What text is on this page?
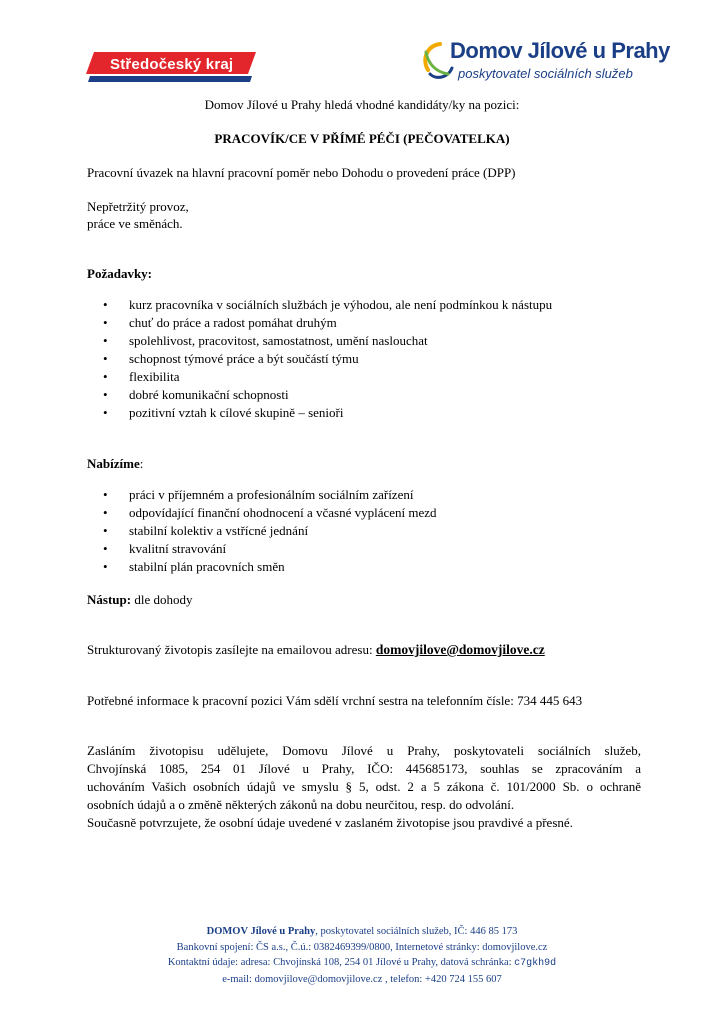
Středočeský kraj
Domov Jílové u Prahy
poskytovatel sociálních služeb
Domov Jílové u Prahy hledá vhodné kandidáty/ky na pozici:
PRACOVÍK/CE V PŘÍMÉ PÉČI (PEČOVATELKA)
Pracovní úvazek na hlavní pracovní poměr nebo Dohodu o provedení práce (DPP)
Nepřetržitý provoz,
práce ve směnách.
Požadavky:
• kurz pracovníka v sociálních službách je výhodou, ale není podmínkou k nástupu
• chuť do práce a radost pomáhat druhým
• spolehlivost, pracovitost, samostatnost, umění naslouchat
• schopnost týmové práce a být součástí týmu
• flexibilita
• dobré komunikační schopnosti
• pozitivní vztah k cílové skupině – senioři
Nabízíme:
• práci v příjemném a profesionálním sociálním zařízení
• odpovídající finanční ohodnocení a včasné vyplácení mezd
• stabilní kolektiv a vstřícné jednání
• kvalitní stravování
• stabilní plán pracovních směn
Nástup: dle dohody
Strukturovaný životopis zasílejte na emailovou adresu: domovjilove@domovjilove.cz
Potřebné informace k pracovní pozici Vám sdělí vrchní sestra na telefonním čísle: 734 445 643
Zasláním životopisu udělujete, Domovu Jílové u Prahy, poskytovateli sociálních služeb,
Chvojínská 1085, 254 01 Jílové u Prahy, IČO: 445685173, souhlas se zpracováním a
uchováním Vašich osobních údajů ve smyslu § 5, odst. 2 a 5 zákona č. 101/2000 Sb. o ochraně
osobních údajů a o změně některých zákonů na dobu neurčitou, resp. do odvolání.
Současně potvrzujete, že osobní údaje uvedené v zaslaném životopise jsou pravdivé a přesné.
DOMOV Jílové u Prahy, poskytovatel sociálních služeb, IČ: 446 85 173
Bankovní spojení: ČS a.s., Č.ú.: 0382469399/0800, Internetové stránky: domovjilove.cz
Kontaktní údaje: adresa: Chvojínská 108, 254 01 Jílové u Prahy, datová schránka: c7gkh9d
e-mail: domovjilove@domovjilove.cz , telefon: +420 724 155 607
